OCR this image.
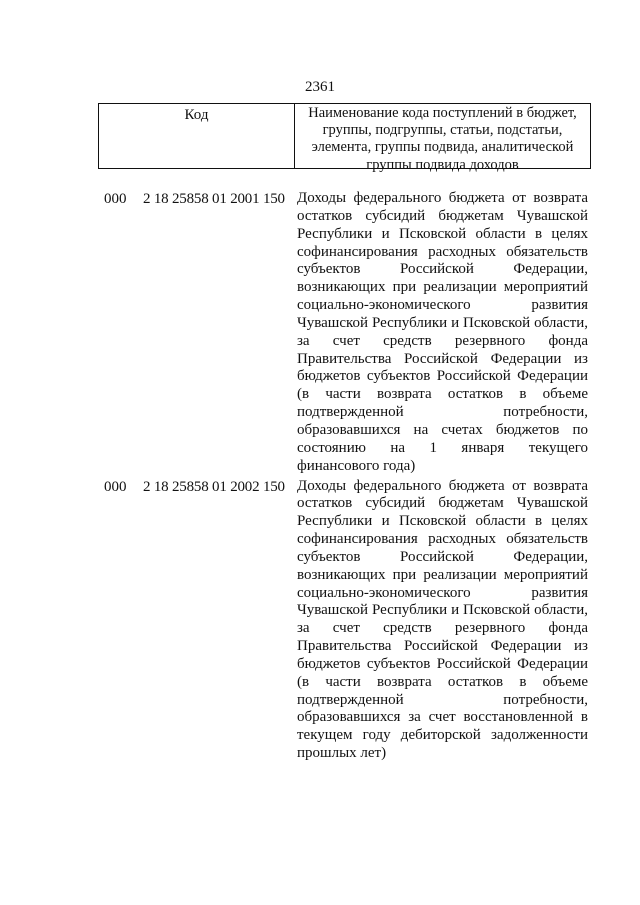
2361
Код	Наименование кода поступлений в бюджет, группы, подгруппы, статьи, подстатьи, элемента, группы подвида, аналитической группы подвида доходов
000 2 18 25858 01 2001 150 Доходы федерального бюджета от возврата остатков субсидий бюджетам Чувашской Республики и Псковской области в целях софинансирования расходных обязательств субъектов Российской Федерации, возникающих при реализации мероприятий социально-экономического развития Чувашской Республики и Псковской области, за счет средств резервного фонда Правительства Российской Федерации из бюджетов субъектов Российской Федерации (в части возврата остатков в объеме подтвержденной потребности, образовавшихся на счетах бюджетов по состоянию на 1 января текущего финансового года)
000 2 18 25858 01 2002 150 Доходы федерального бюджета от возврата остатков субсидий бюджетам Чувашской Республики и Псковской области в целях софинансирования расходных обязательств субъектов Российской Федерации, возникающих при реализации мероприятий социально-экономического развития Чувашской Республики и Псковской области, за счет средств резервного фонда Правительства Российской Федерации из бюджетов субъектов Российской Федерации (в части возврата остатков в объеме подтвержденной потребности, образовавшихся за счет восстановленной в текущем году дебиторской задолженности прошлых лет)
